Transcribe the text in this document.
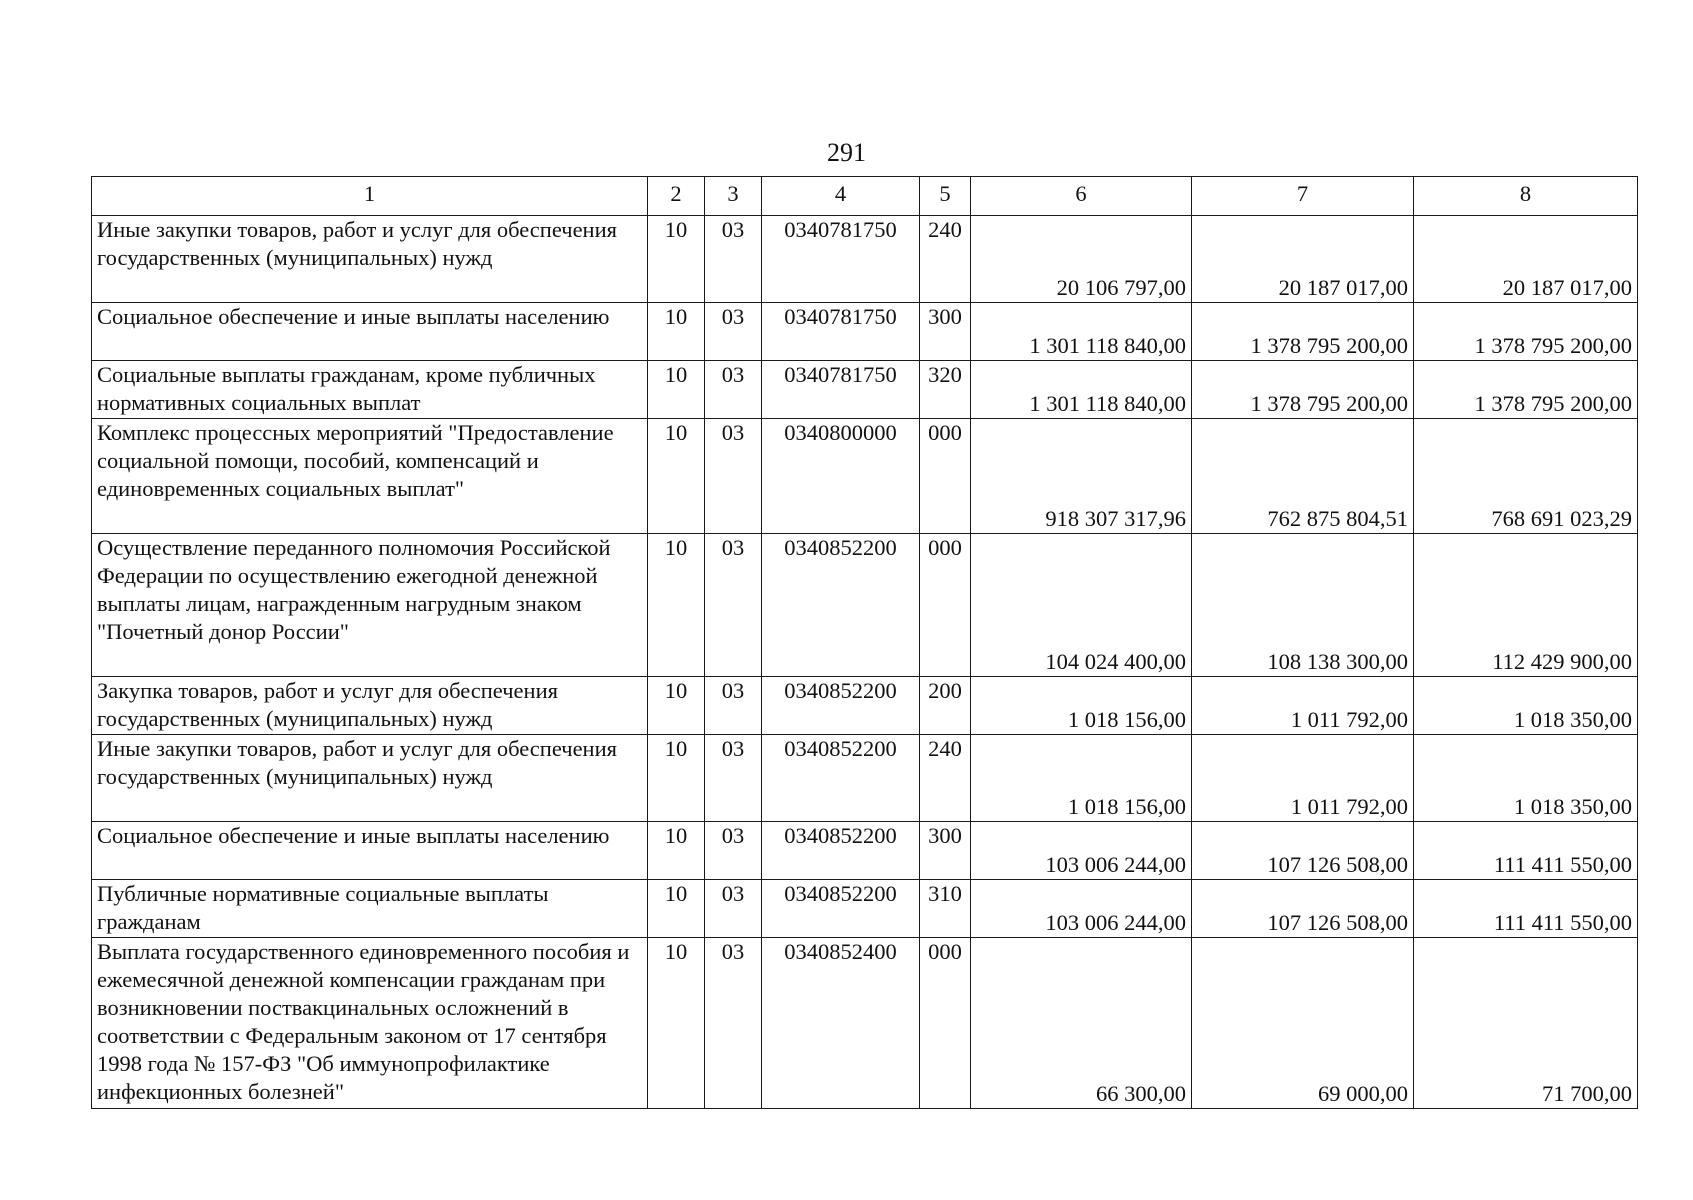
291
1	2	3	4	5	6	7	8
Иные закупки товаров, работ и услуг для обеспечения государственных (муниципальных) нужд	10	03	0340781750	240	20 106 797,00	20 187 017,00	20 187 017,00
Социальное обеспечение и иные выплаты населению	10	03	0340781750	300	1 301 118 840,00	1 378 795 200,00	1 378 795 200,00
Социальные выплаты гражданам, кроме публичных нормативных социальных выплат	10	03	0340781750	320	1 301 118 840,00	1 378 795 200,00	1 378 795 200,00
Комплекс процессных мероприятий "Предоставление социальной помощи, пособий, компенсаций и единовременных социальных выплат"	10	03	0340800000	000	918 307 317,96	762 875 804,51	768 691 023,29
Осуществление переданного полномочия Российской Федерации по осуществлению ежегодной денежной выплаты лицам, награжденным нагрудным знаком "Почетный донор России"	10	03	0340852200	000	104 024 400,00	108 138 300,00	112 429 900,00
Закупка товаров, работ и услуг для обеспечения государственных (муниципальных) нужд	10	03	0340852200	200	1 018 156,00	1 011 792,00	1 018 350,00
Иные закупки товаров, работ и услуг для обеспечения государственных (муниципальных) нужд	10	03	0340852200	240	1 018 156,00	1 011 792,00	1 018 350,00
Социальное обеспечение и иные выплаты населению	10	03	0340852200	300	103 006 244,00	107 126 508,00	111 411 550,00
Публичные нормативные социальные выплаты гражданам	10	03	0340852200	310	103 006 244,00	107 126 508,00	111 411 550,00
Выплата государственного единовременного пособия и ежемесячной денежной компенсации гражданам при возникновении поствакцинальных осложнений в соответствии с Федеральным законом от 17 сентября 1998 года № 157-ФЗ "Об иммунопрофилактике инфекционных болезней"	10	03	0340852400	000	66 300,00	69 000,00	71 700,00
